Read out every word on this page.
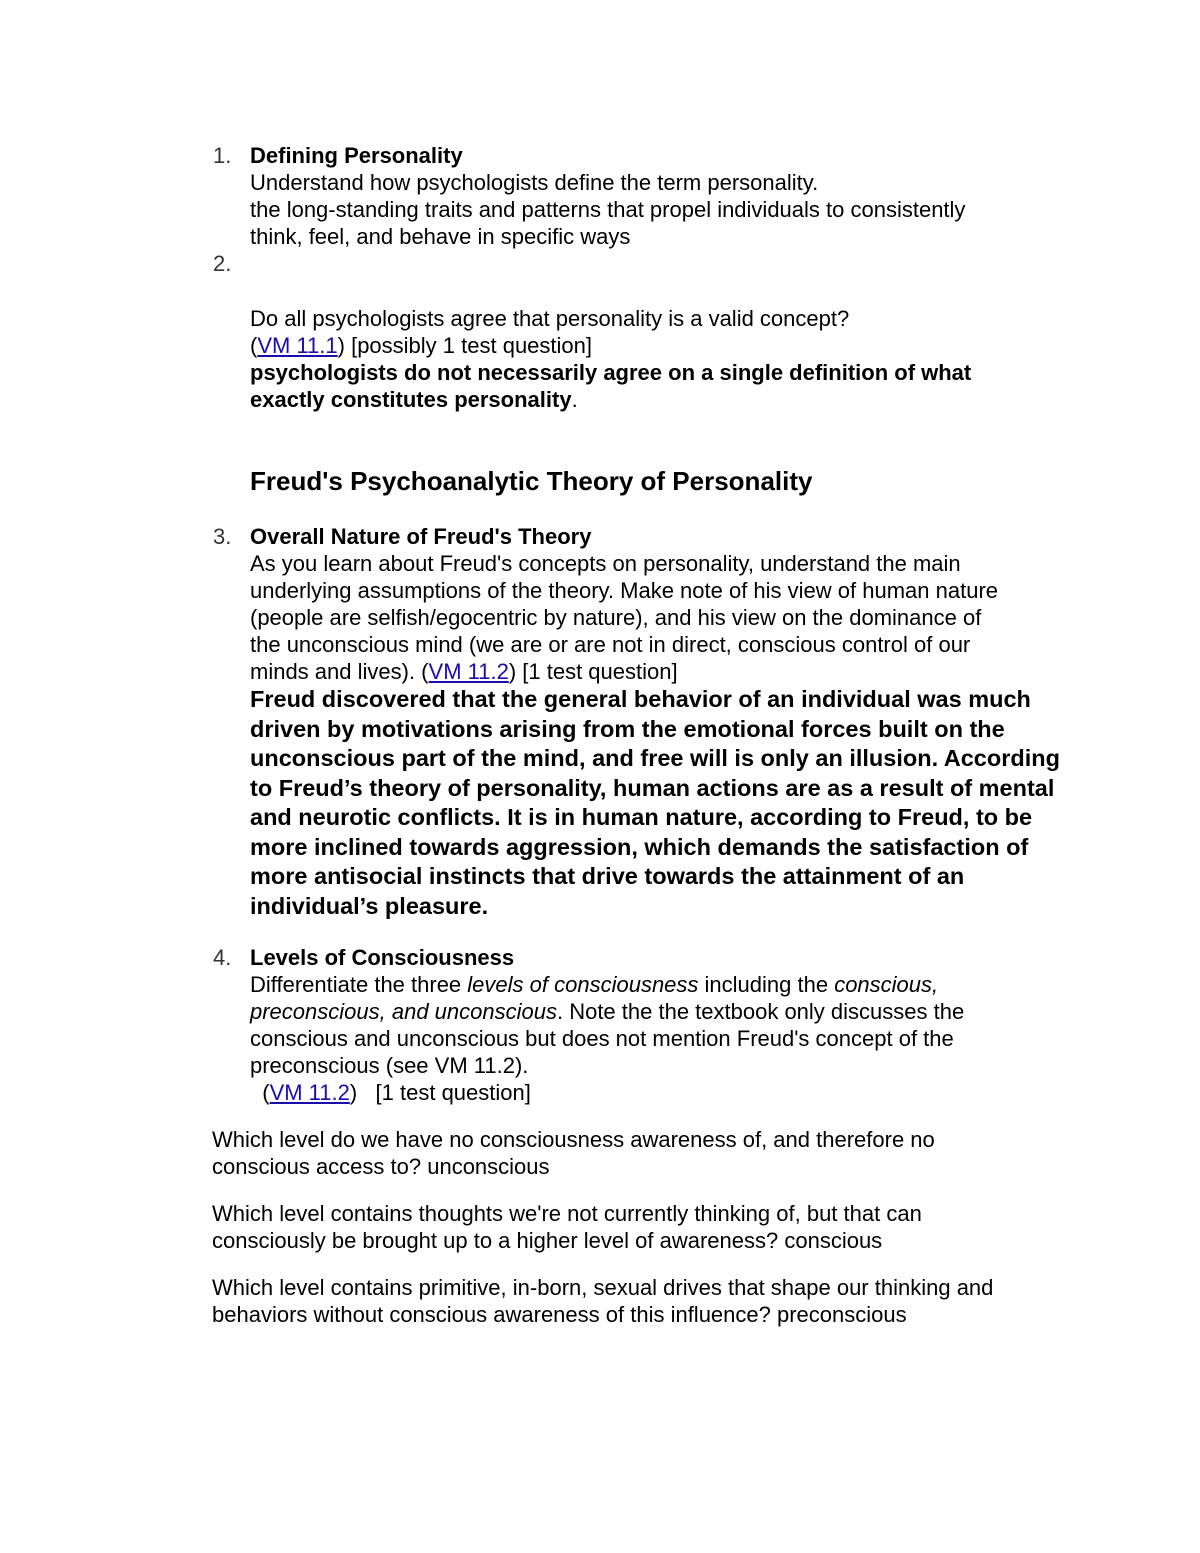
1. Defining Personality
Understand how psychologists define the term personality.
the long-standing traits and patterns that propel individuals to consistently
think, feel, and behave in specific ways
2.
Do all psychologists agree that personality is a valid concept?
(VM 11.1) [possibly 1 test question]
psychologists do not necessarily agree on a single definition of what
exactly constitutes personality.
Freud's Psychoanalytic Theory of Personality
3. Overall Nature of Freud's Theory
As you learn about Freud's concepts on personality, understand the main
underlying assumptions of the theory. Make note of his view of human nature
(people are selfish/egocentric by nature), and his view on the dominance of
the unconscious mind (we are or are not in direct, conscious control of our
minds and lives). (VM 11.2) [1 test question]
Freud discovered that the general behavior of an individual was much
driven by motivations arising from the emotional forces built on the
unconscious part of the mind, and free will is only an illusion. According
to Freud’s theory of personality, human actions are as a result of mental
and neurotic conflicts. It is in human nature, according to Freud, to be
more inclined towards aggression, which demands the satisfaction of
more antisocial instincts that drive towards the attainment of an
individual’s pleasure.
4. Levels of Consciousness
Differentiate the three levels of consciousness including the conscious,
preconscious, and unconscious. Note the the textbook only discusses the
conscious and unconscious but does not mention Freud's concept of the
preconscious (see VM 11.2).
(VM 11.2)   [1 test question]
Which level do we have no consciousness awareness of, and therefore no
conscious access to? unconscious
Which level contains thoughts we're not currently thinking of, but that can
consciously be brought up to a higher level of awareness? conscious
Which level contains primitive, in-born, sexual drives that shape our thinking and
behaviors without conscious awareness of this influence? preconscious
